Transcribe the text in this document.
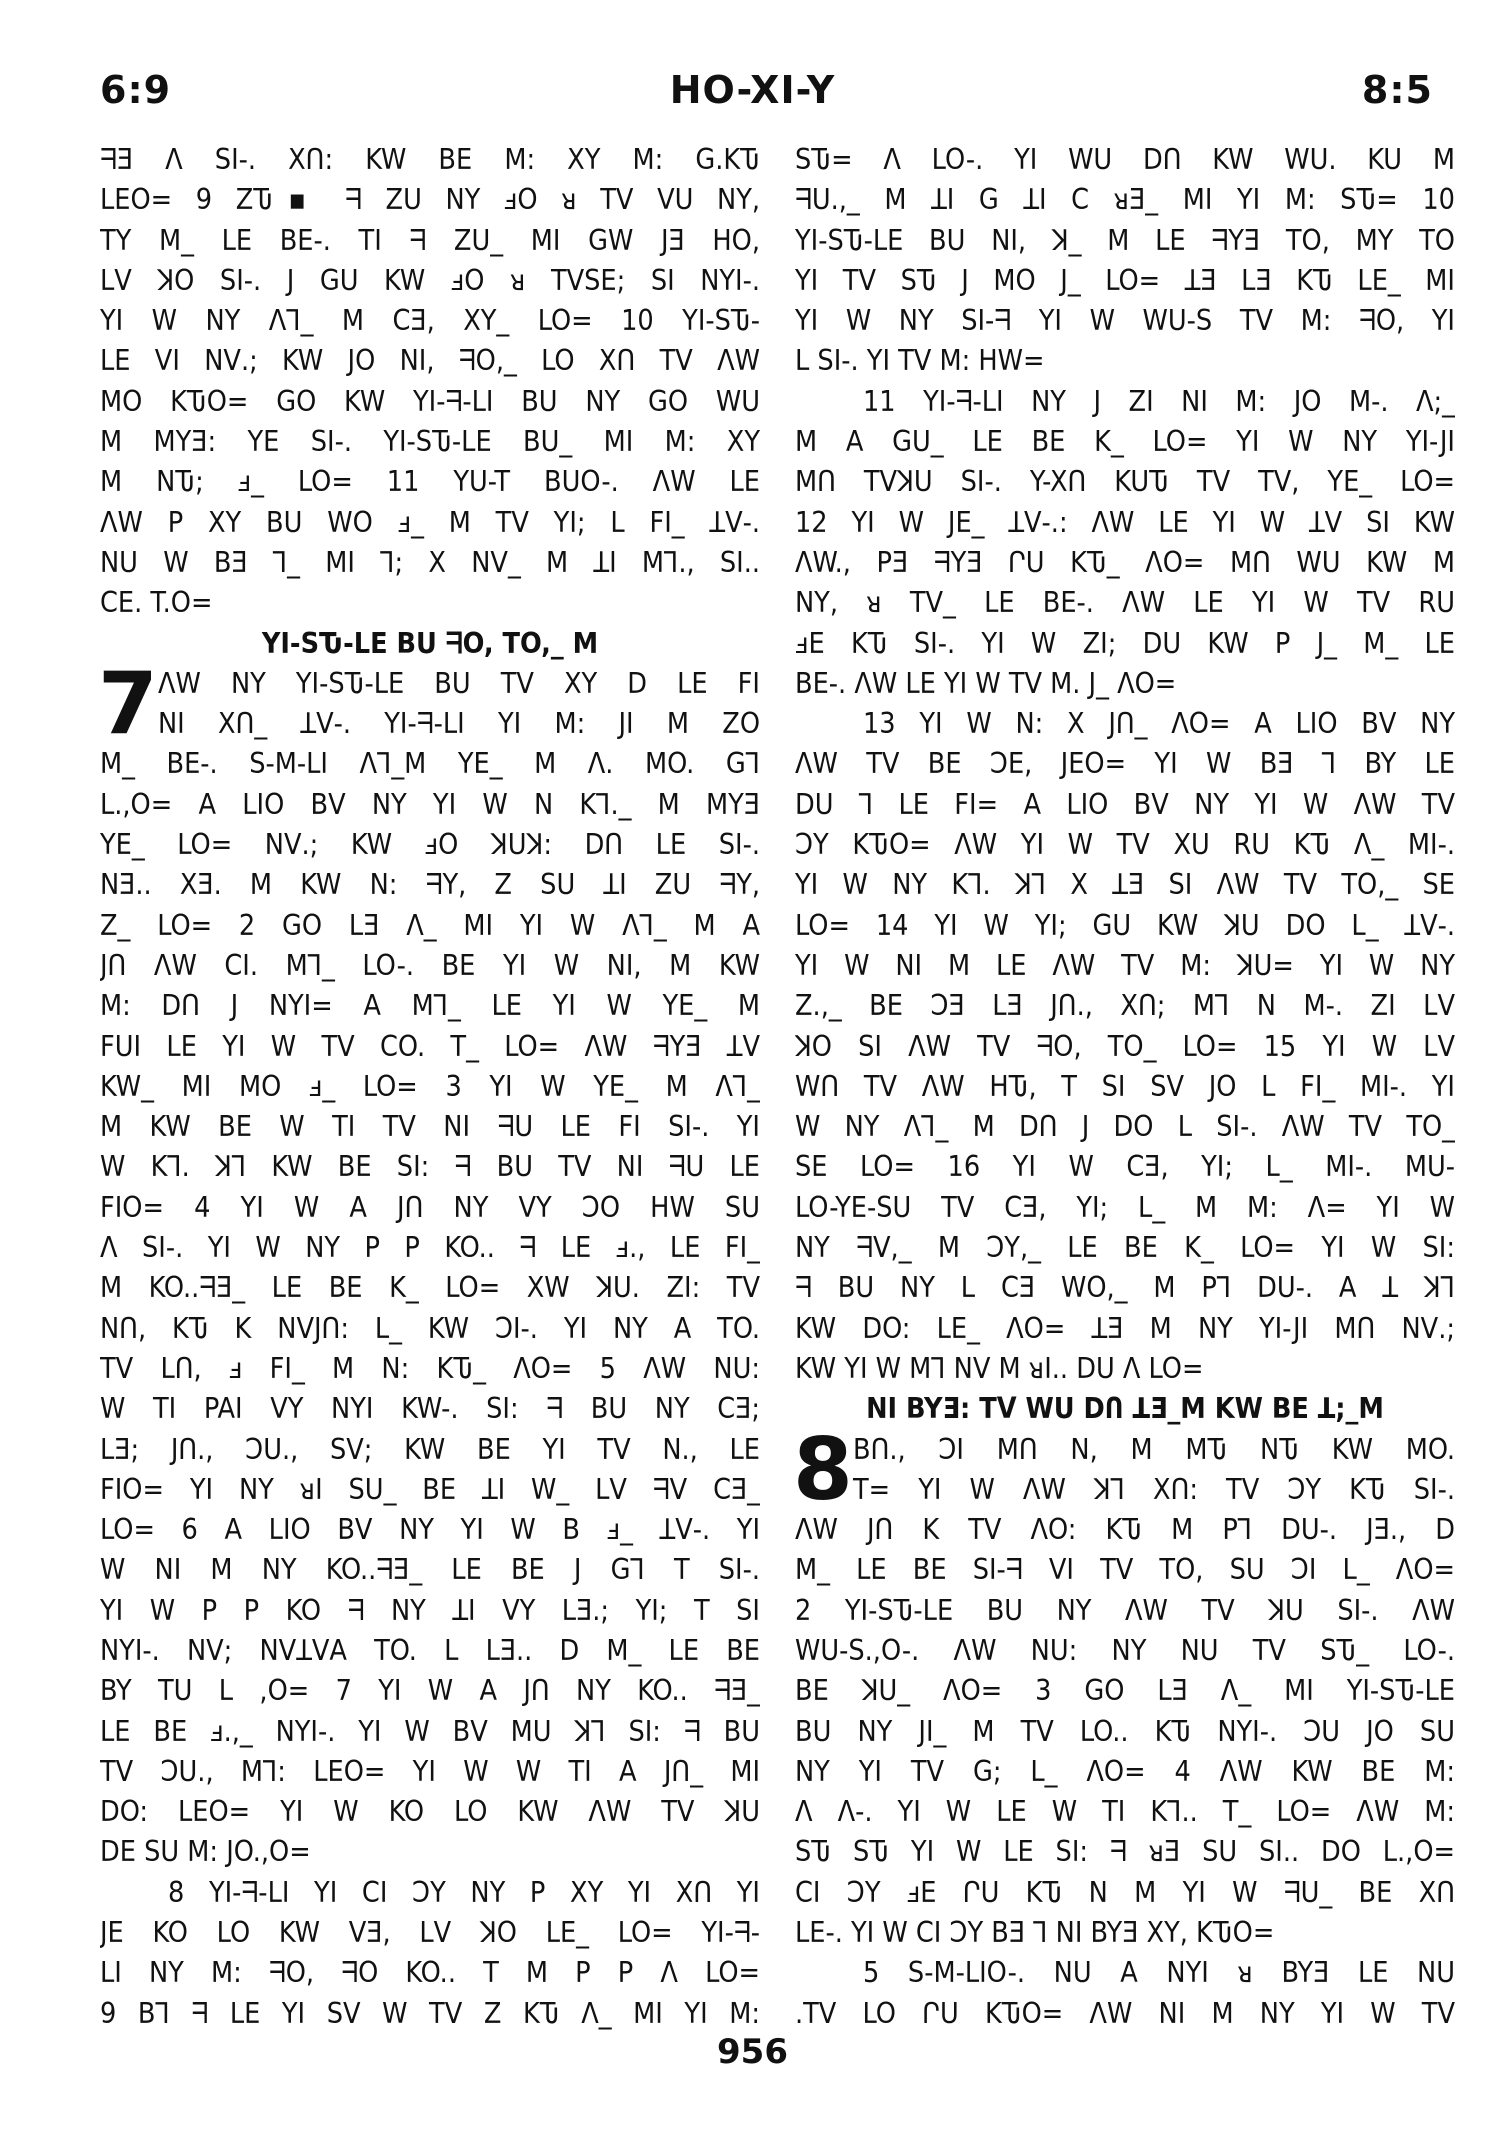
6:9	HO-XI-Y	8:5
ᖷƎ ᐱ SI-. XՈ: KW BE M: XY M: G.KԎ
LEO= 9 ZԎ▪ ᖷ ZU NY ⅎO ᴚ Tᐯ VU NY,
TY M_ LE BE-. TI ᖷ ZU_ MI GW JƎ HO,
Lᐯ ꓘO SI-. J GU KW ⅎO ᴚ TᐯSE; SI NYI-.
YI W NY ᐱ⅂_ M CƎ, XY_ LO= 10 YI-SԎ-
LE VI Nᐯ.; KW JO NI, ᖷO,_ LO XՈ Tᐯ ᐱW
MO KԎO= GO KW YI-ᖷ-LI BU NY GO WU
M MYƎ: YE SI-. YI-SԎ-LE BU_ MI M: XY
M NԎ; ⅎ_ LO= 11 YU-T BUO-. ᐱW LE
ᐱW P XY BU WO ⅎ_ M Tᐯ YI; L FI_ ꓕᐯ-.
NU W BƎ ⅂_ MI ⅂; X Nᐯ_ M ꓕI M⅂., SI..
CE. T.O=
YI-SԎ-LE BU ᖷO, TO,_ M
7 ᐱW NY YI-SԎ-LE BU Tᐯ XY D LE FI
NI XՈ_ ꓕᐯ-. YI-ᖷ-LI YI M: JI M ZO
M_ BE-. S-M-LI ᐱ⅂_M YE_ M ᐱ. MO. G⅂
L.,O= A LIO Bᐯ NY YI W N K⅂._ M MYƎ
YE_ LO= Nᐯ.; KW ⅎO ꓘUꓘ: DՈ LE SI-.
NƎ.. XƎ. M KW N: ᖷY, Z SU ꓕI ZU ᖷY,
Z_ LO= 2 GO LƎ ᐱ_ MI YI W ᐱ⅂_ M A
JՈ ᐱW CI. M⅂_ LO-. BE YI W NI, M KW
M: DՈ J NYI= A M⅂_ LE YI W YE_ M
FUI LE YI W Tᐯ CO. T_ LO= ᐱW ᖷYƎ ꓕᐯ
KW_ MI MO ⅎ_ LO= 3 YI W YE_ M ᐱ⅂_
M KW BE W TI Tᐯ NI ᖷU LE FI SI-. YI
W K⅂. ꓘ⅂ KW BE SI: ᖷ BU Tᐯ NI ᖷU LE
FIO= 4 YI W A JՈ NY VY ƆO HW SU
ᐱ SI-. YI W NY P P KO.. ᖷ LE ⅎ., LE FI_
M KO..ᖷƎ_ LE BE K_ LO= XW ꓘU. ZI: Tᐯ
NՈ, KԎ K NᐯJՈ: L_ KW ƆI-. YI NY A TO.
Tᐯ LՈ, ⅎ FI_ M N: KԎ_ ᐱO= 5 ᐱW NU:
W TI PAI VY NYI KW-. SI: ᖷ BU NY CƎ;
LƎ; JՈ., ƆU., Sᐯ; KW BE YI Tᐯ N., LE
FIO= YI NY ᴚI SU_ BE ꓕI W_ Lᐯ ᖷᐯ CƎ_
LO= 6 A LIO Bᐯ NY YI W B ⅎ_ ꓕᐯ-. YI
W NI M NY KO..ᖷƎ_ LE BE J G⅂ T SI-.
YI W P P KO ᖷ NY ꓕI VY LƎ.; YI; T SI
NYI-. Nᐯ; NᐯꓕᐯA TO. L LƎ.. D M_ LE BE
BY TU L ,O= 7 YI W A JՈ NY KO.. ᖷƎ_
LE BE ⅎ.,_ NYI-. YI W Bᐯ MU ꓘ⅂ SI: ᖷ BU
Tᐯ ƆU., M⅂: LEO= YI W W TI A JՈ_ MI
DO: LEO= YI W KO LO KW ᐱW Tᐯ ꓘU
DE SU M: JO.,O=
8 YI-ᖷ-LI YI CI ƆY NY P XY YI XՈ YI
JE KO LO KW VƎ, Lᐯ ꓘO LE_ LO= YI-ᖷ-
LI NY M: ᖷO, ᖷO KO.. T M P P ᐱ LO=
9 B⅂ ᖷ LE YI Sᐯ W Tᐯ Z KԎ ᐱ_ MI YI M:
SԎ= ᐱ LO-. YI WU DՈ KW WU. KU M
ᖷU.,_ M ꓕI G ꓕI C ᴚƎ_ MI YI M: SԎ= 10
YI-SԎ-LE BU NI, ꓘ_ M LE ᖷYƎ TO, MY TO
YI Tᐯ SԎ J MO J_ LO= ꓕƎ LƎ KԎ LE_ MI
YI W NY SI-ᖷ YI W WU-S Tᐯ M: ᖷO, YI
L SI-. YI Tᐯ M: HW=
11 YI-ᖷ-LI NY J ZI NI M: JO M-. ᐱ;_
M A GU_ LE BE K_ LO= YI W NY YI-JI
MՈ TᐯꓘU SI-. Y-XՈ KUԎ Tᐯ Tᐯ, YE_ LO=
12 YI W JE_ ꓕᐯ-.: ᐱW LE YI W ꓕᐯ SI KW
ᐱW., PƎ ᖷYƎ ՐU KԎ_ ᐱO= MՈ WU KW M
NY, ᴚ Tᐯ_ LE BE-. ᐱW LE YI W Tᐯ RU
ⅎE KԎ SI-. YI W ZI; DU KW P J_ M_ LE
BE-. ᐱW LE YI W Tᐯ M. J_ ᐱO=
13 YI W N: X JՈ_ ᐱO= A LIO Bᐯ NY
ᐱW Tᐯ BE ƆE, JEO= YI W BƎ ⅂ BY LE
DU ⅂ LE FI= A LIO Bᐯ NY YI W ᐱW Tᐯ
ƆY KԎO= ᐱW YI W Tᐯ XU RU KԎ ᐱ_ MI-.
YI W NY K⅂. ꓘ⅂ X ꓕƎ SI ᐱW Tᐯ TO,_ SE
LO= 14 YI W YI; GU KW ꓘU DO L_ ꓕᐯ-.
YI W NI M LE ᐱW Tᐯ M: ꓘU= YI W NY
Z.,_ BE ƆƎ LƎ JՈ., XՈ; M⅂ N M-. ZI Lᐯ
ꓘO SI ᐱW Tᐯ ᖷO, TO_ LO= 15 YI W Lᐯ
WՈ Tᐯ ᐱW HԎ, T SI Sᐯ JO L FI_ MI-. YI
W NY ᐱ⅂_ M DՈ J DO L SI-. ᐱW Tᐯ TO_
SE LO= 16 YI W CƎ, YI; L_ MI-. MU-
LO-YE-SU Tᐯ CƎ, YI; L_ M M: ᐱ= YI W
NY ᖷᐯ,_ M ƆY,_ LE BE K_ LO= YI W SI:
ᖷ BU NY L CƎ WO,_ M P⅂ DU-. A ꓕ ꓘ⅂
KW DO: LE_ ᐱO= ꓕƎ M NY YI-JI MՈ Nᐯ.;
KW YI W M⅂ Nᐯ M ᴚI.. DU ᐱ LO=
NI BYƎ: Tᐯ WU DՈ ꓕƎ_M KW BE ꓕ;_M
8 BՈ., ƆI MՈ N, M MԎ NԎ KW MO.
T= YI W ᐱW ꓘ⅂ XՈ: Tᐯ ƆY KԎ SI-.
ᐱW JՈ K Tᐯ ᐱO: KԎ M P⅂ DU-. JƎ., D
M_ LE BE SI-ᖷ VI Tᐯ TO, SU ƆI L_ ᐱO=
2 YI-SԎ-LE BU NY ᐱW Tᐯ ꓘU SI-. ᐱW
WU-S.,O-. ᐱW NU: NY NU Tᐯ SԎ_ LO-.
BE ꓘU_ ᐱO= 3 GO LƎ ᐱ_ MI YI-SԎ-LE
BU NY JI_ M Tᐯ LO.. KԎ NYI-. ƆU JO SU
NY YI Tᐯ G; L_ ᐱO= 4 ᐱW KW BE M:
ᐱ ᐱ-. YI W LE W TI K⅂.. T_ LO= ᐱW M:
SԎ SԎ YI W LE SI: ᖷ ᴚƎ SU SI.. DO L.,O=
CI ƆY ⅎE ՐU KԎ N M YI W ᖷU_ BE XՈ
LE-. YI W CI ƆY BƎ ⅂ NI BYƎ XY, KԎO=
5 S-M-LIO-. NU A NYI ᴚ BYƎ LE NU
.Tᐯ LO ՐU KԎO= ᐱW NI M NY YI W Tᐯ
956
